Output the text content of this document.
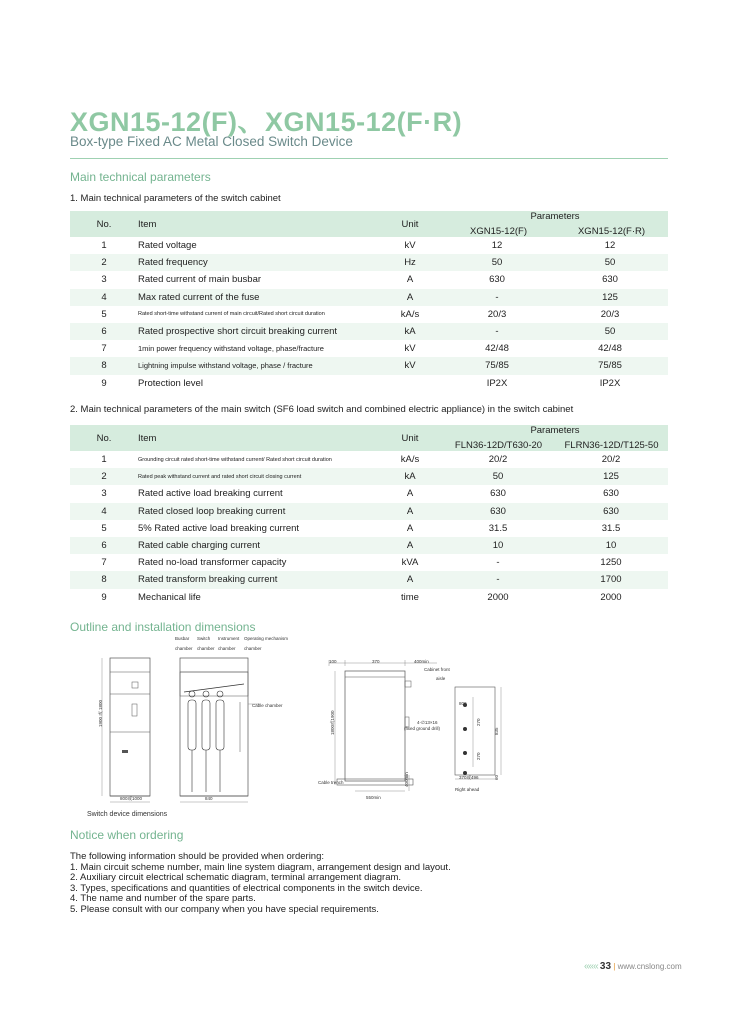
XGN15-12(F)、XGN15-12(F·R)
Box-type Fixed AC Metal Closed Switch Device
Main technical parameters
1. Main technical parameters of the switch cabinet
No.	Item	Unit	Parameters
XGN15-12(F) XGN15-12(F·R)	

1	Rated voltage	kV	12	12
2	Rated frequency	Hz	50	50
3	Rated current of main busbar	A	630	630
4	Max rated current of the fuse	A	-	125
5	Rated short-time withstand current of main circuit/Rated short circuit duration	kA/s	20/3	20/3
6	Rated prospective short circuit breaking current	kA	-	50
7	1min power frequency withstand voltage, phase/fracture	kV	42/48	42/48
8	Lightning impulse withstand voltage, phase / fracture	kV	75/85	75/85
9	Protection level		IP2X	IP2X
2. Main technical parameters of the main switch (SF6 load switch and combined electric appliance) in the switch cabinet
No.	Item	Unit	Parameters
FLN36-12D/T630-20 FLRN36-12D/T125-50	

1	Grounding circuit rated short-time withstand current/ Rated short circuit duration	kA/s	20/2	20/2
2	Rated peak withstand current and rated short circuit closing current	kA	50	125
3	Rated active load breaking current	A	630	630
4	Rated closed loop breaking current	A	630	630
5	5% Rated active load breaking current	A	31.5	31.5
6	Rated cable charging current	A	10	10
7	Rated no-load transformer capacity	kVA	-	1250
8	Rated transform breaking current	A	-	1700
9	Mechanical life	time	2000	2000
Outline and installation dimensions
Busbar Switch Instrument Operating mechanism
chamber chamber chamber chamber
Cable chamber
1900 或 1800
800或1000	840
Switch device dimensions
100	370	400min
Cabinet front
aisle
1800或1900	4-∅13×16
(fixed ground drill)
800
835
270
270
370或496	60
Cable trench
550min
400min
Right ahead
Notice when ordering
The following information should be provided when ordering:
1. Main circuit scheme number, main line system diagram, arrangement design and layout.
2. Auxiliary circuit electrical schematic diagram, terminal arrangement diagram.
3. Types, specifications and quantities of electrical components in the switch device.
4. The name and number of the spare parts.
5. Please consult with our company when you have special requirements.
««« 33 | www.cnslong.com
